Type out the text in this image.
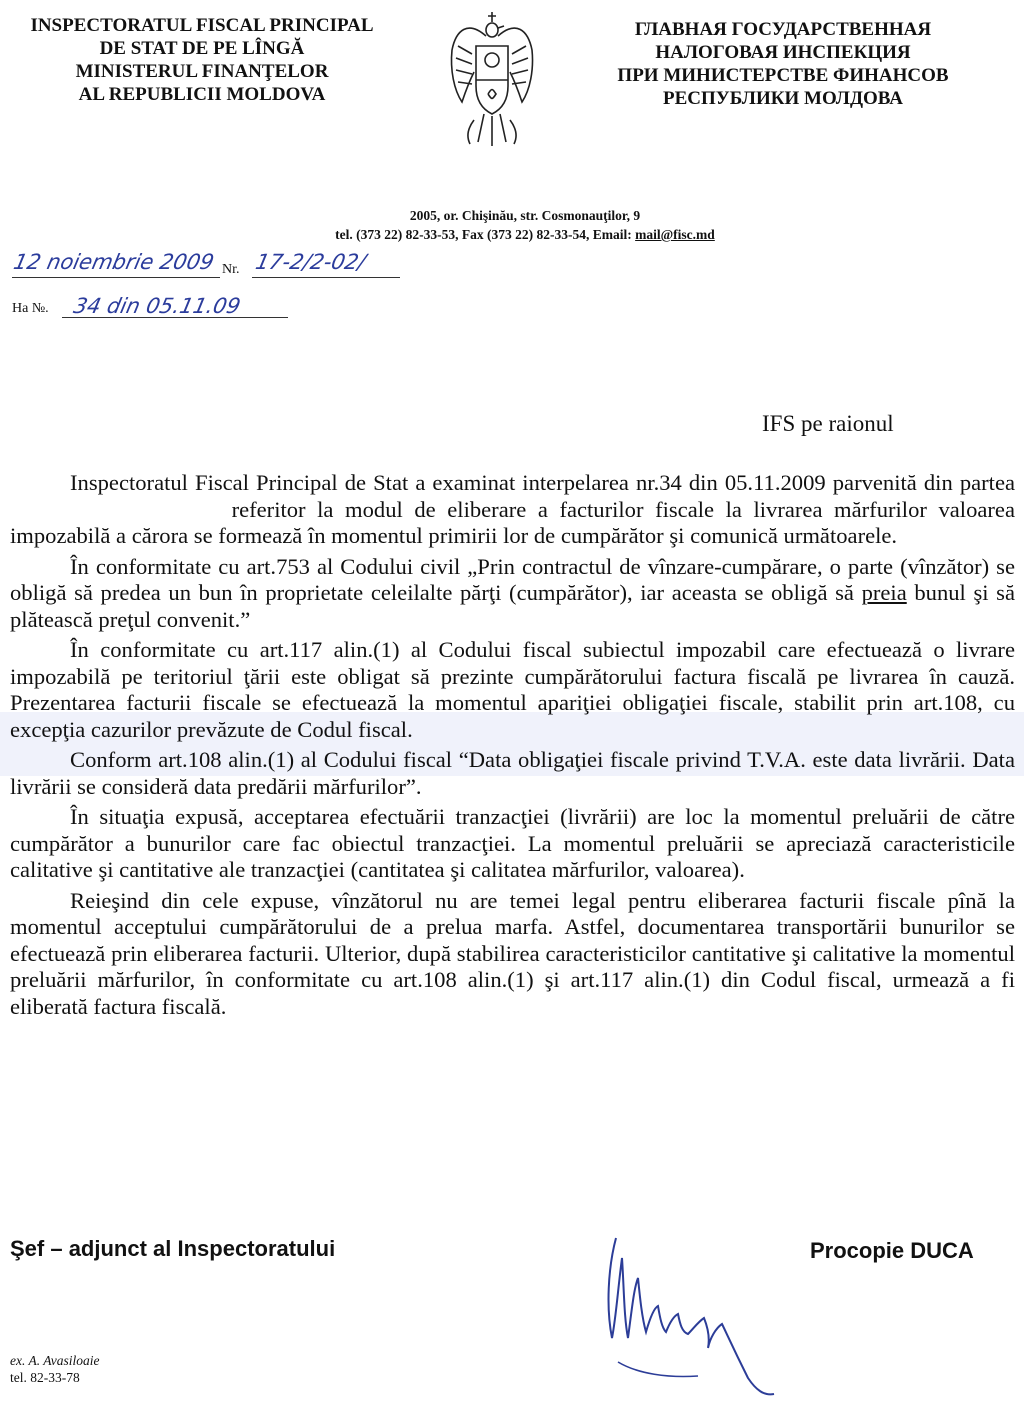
INSPECTORATUL FISCAL PRINCIPAL
DE STAT DE PE LÎNGĂ
MINISTERUL FINANŢELOR
AL REPUBLICII MOLDOVA
ГЛАВНАЯ ГОСУДАРСТВЕННАЯ
НАЛОГОВАЯ ИНСПЕКЦИЯ
ПРИ МИНИСТЕРСТВЕ ФИНАНСОВ
РЕСПУБЛИКИ МОЛДОВА
2005, or. Chişinău, str. Cosmonauţilor, 9
tel. (373 22) 82-33-53, Fax (373 22) 82-33-54, Email: mail@fisc.md
12 noiembrie 2009 Nr. 17-2/2-02/
Ha №. 34 din 05.11.09
IFS pe raionul

Inspectoratul Fiscal Principal de Stat a examinat interpelarea nr.34 din 05.11.2009 parvenită din partea referitor la modul de eliberare a facturilor fiscale la livrarea mărfurilor valoarea impozabilă a cărora se formează în momentul primirii lor de cumpărător şi comunică următoarele.

În conformitate cu art.753 al Codului civil „Prin contractul de vînzare-cumpărare, o parte (vînzător) se obligă să predea un bun în proprietate celeilalte părţi (cumpărător), iar aceasta se obligă să preia bunul şi să plătească preţul convenit.”

În conformitate cu art.117 alin.(1) al Codului fiscal subiectul impozabil care efectuează o livrare impozabilă pe teritoriul ţării este obligat să prezinte cumpărătorului factura fiscală pe livrarea în cauză. Prezentarea facturii fiscale se efectuează la momentul apariţiei obligaţiei fiscale, stabilit prin art.108, cu excepţia cazurilor prevăzute de Codul fiscal.

Conform art.108 alin.(1) al Codului fiscal “Data obligaţiei fiscale privind T.V.A. este data livrării. Data livrării se consideră data predării mărfurilor”.

În situaţia expusă, acceptarea efectuării tranzacţiei (livrării) are loc la momentul preluării de către cumpărător a bunurilor care fac obiectul tranzacţiei. La momentul preluării se apreciază caracteristicile calitative şi cantitative ale tranzacţiei (cantitatea şi calitatea mărfurilor, valoarea).

Reieşind din cele expuse, vînzătorul nu are temei legal pentru eliberarea facturii fiscale pînă la momentul acceptului cumpărătorului de a prelua marfa. Astfel, documentarea transportării bunurilor se efectuează prin eliberarea facturii. Ulterior, după stabilirea caracteristicilor cantitative şi calitative la momentul preluării mărfurilor, în conformitate cu art.108 alin.(1) şi art.117 alin.(1) din Codul fiscal, urmează a fi eliberată factura fiscală.

Şef – adjunct al Inspectoratului	Procopie DUCA
ex. A. Avasiloaie
tel. 82-33-78
